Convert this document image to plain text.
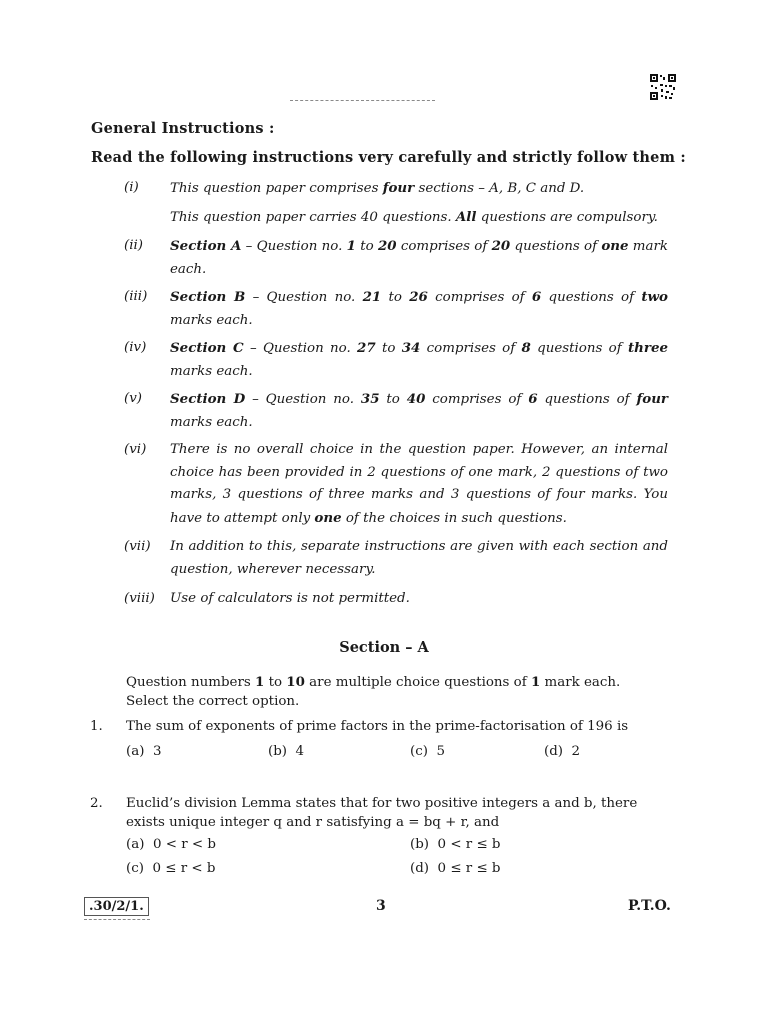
General Instructions :
Read the following instructions very carefully and strictly follow them :
(i)	This question paper comprises four sections – A, B, C and D.
This question paper carries 40 questions. All questions are compulsory.
(ii)	Section A – Question no. 1 to 20 comprises of 20 questions of one mark each.
(iii)	Section B – Question no. 21 to 26 comprises of 6 questions of two marks each.
(iv)	Section C – Question no. 27 to 34 comprises of 8 questions of three marks each.
(v)	Section D – Question no. 35 to 40 comprises of 6 questions of four marks each.
(vi)	There is no overall choice in the question paper. However, an internal choice has been provided in 2 questions of one mark, 2 questions of two marks, 3 questions of three marks and 3 questions of four marks. You have to attempt only one of the choices in such questions.
(vii)	In addition to this, separate instructions are given with each section and question, wherever necessary.
(viii)	Use of calculators is not permitted.
Section – A
Question numbers 1 to 10 are multiple choice questions of 1 mark each. Select the correct option.
1. The sum of exponents of prime factors in the prime-factorisation of 196 is
(a) 3	(b) 4	(c) 5	(d) 2
2. Euclid’s division Lemma states that for two positive integers a and b, there exists unique integer q and r satisfying a = bq + r, and
(a) 0 < r < b	(b) 0 < r ≤ b
(c) 0 ≤ r < b	(d) 0 ≤ r ≤ b
.30/2/1.	3	P.T.O.
